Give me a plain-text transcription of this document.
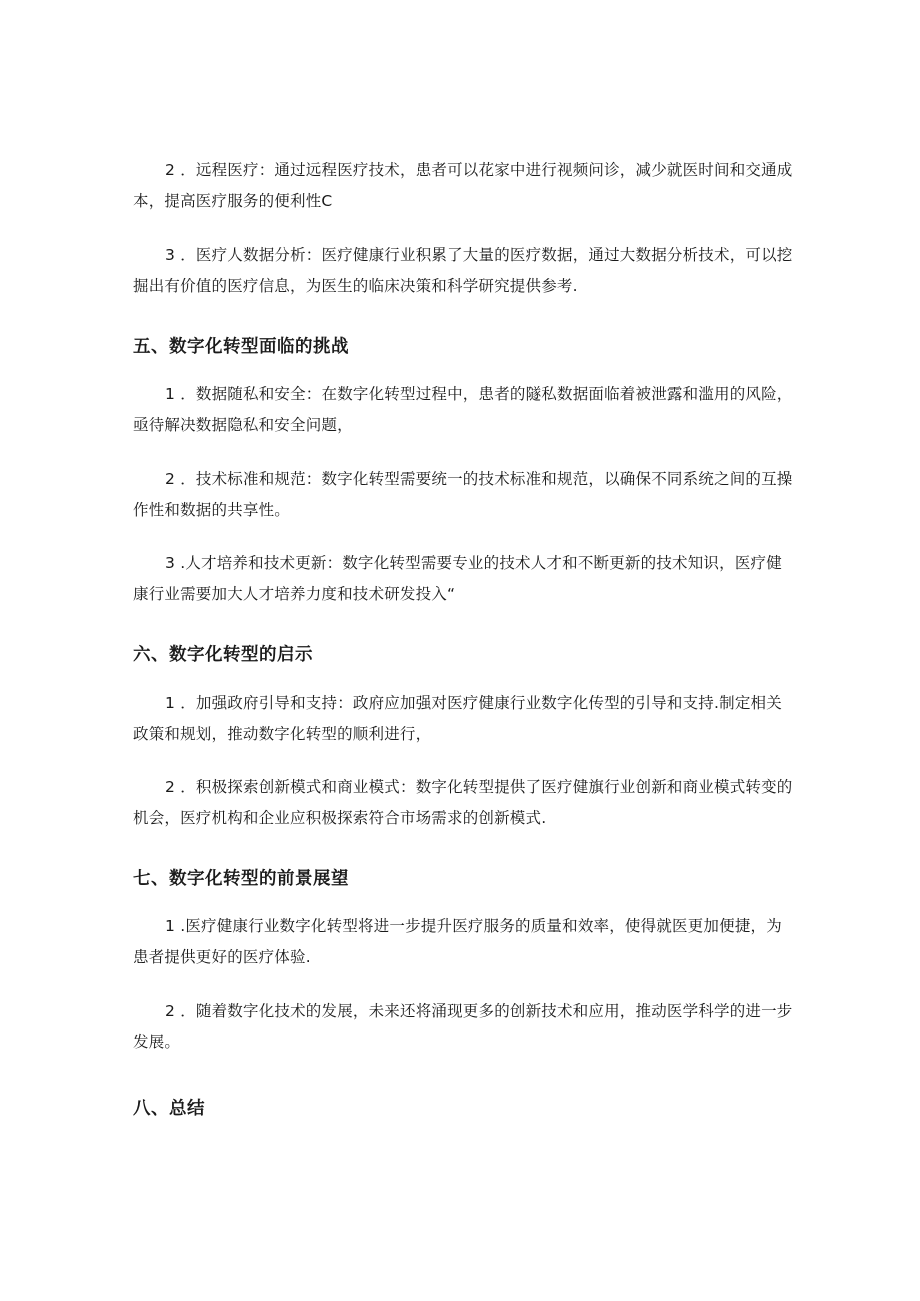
2 ．远程医疗：通过远程医疗技术，患者可以花家中进行视频问诊，减少就医时间和交通成本，提高医疗服务的便利性C

3 ．医疗人数据分析：医疗健康行业积累了大量的医疗数据，通过大数据分析技术，可以挖掘出有价值的医疗信息，为医生的临床决策和科学研究提供参考.

五、数字化转型面临的挑战

1 ．数据随私和安全：在数字化转型过程中，患者的隧私数据面临着被泄露和滥用的风险，亟待解决数据隐私和安全问题，

2 ．技术标准和规范：数字化转型需要统一的技术标准和规范，以确保不同系统之间的互操作性和数据的共享性。

3 .人才培养和技术更新：数字化转型需要专业的技术人才和不断更新的技术知识，医疗健康行业需要加大人才培养力度和技术研发投入“

六、数字化转型的启示

1 ．加强政府引导和支持：政府应加强对医疗健康行业数字化传型的引导和支持.制定相关政策和规划，推动数字化转型的顺利进行，

2 ．积极探索创新模式和商业模式：数字化转型提供了医疗健旗行业创新和商业模式转变的机会，医疗机构和企业应积极探索符合市场需求的创新模式.

七、数字化转型的前景展望

1 .医疗健康行业数字化转型将进一步提升医疗服务的质量和效率，使得就医更加便捷，为患者提供更好的医疗体验.

2 ．随着数字化技术的发展，未来还将涌现更多的创新技术和应用，推动医学科学的进一步发展。

八、总结
